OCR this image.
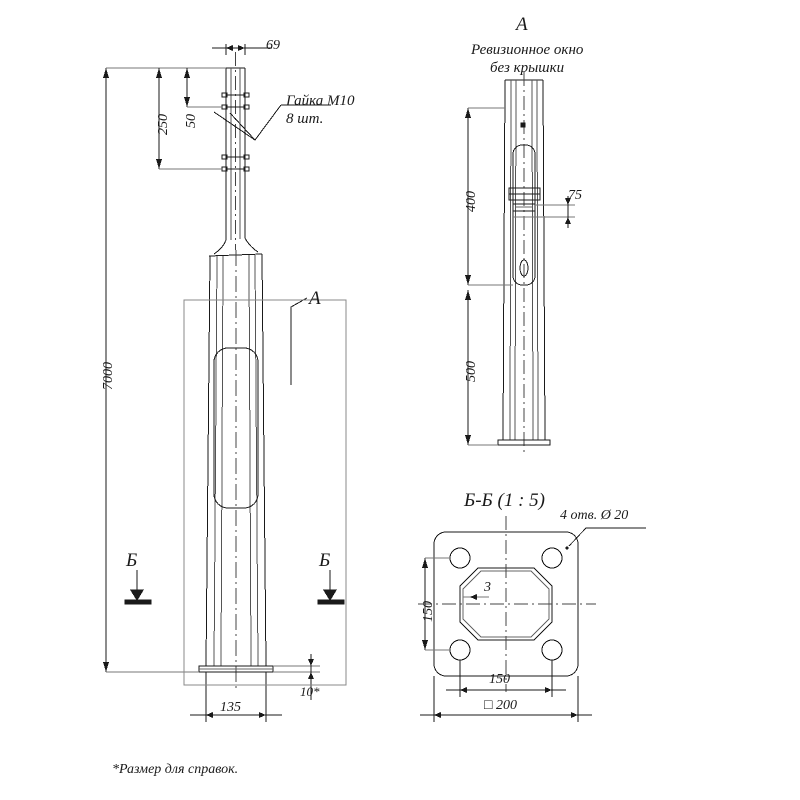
69
250 50
Гайка М10
8 шт.
7000
А
Б	Б
135
10*
А
Ревизионное окно
без крышки
400
500
75
Б-Б (1 : 5)
4 отв. Ø 20
3
150
150
□ 200
*Размер для справок.
